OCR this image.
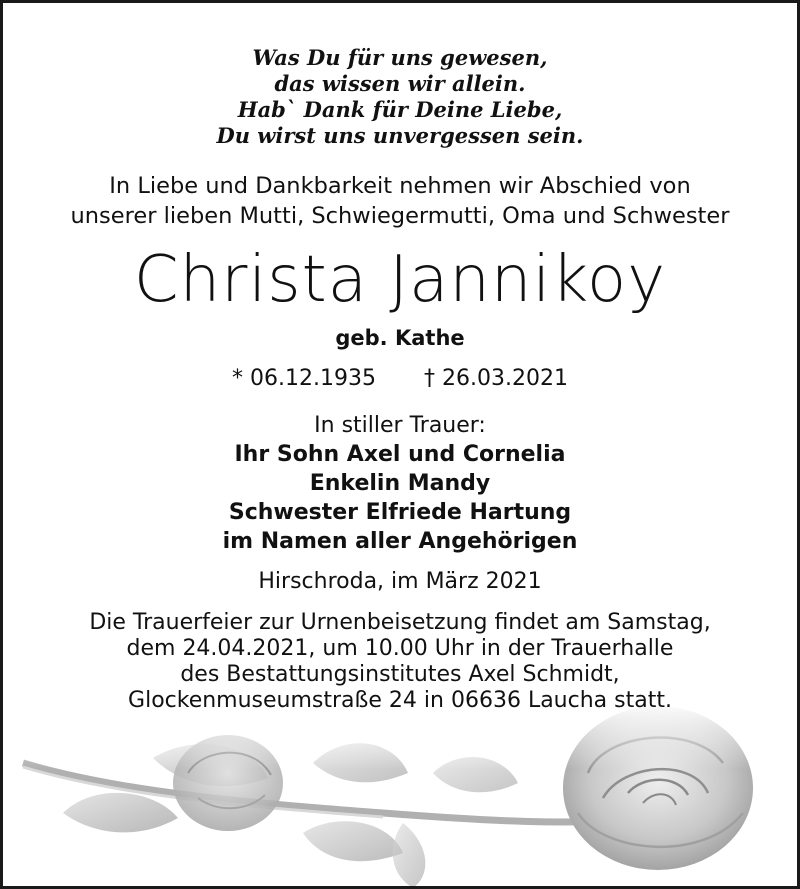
Was Du für uns gewesen,
das wissen wir allein.
Hab` Dank für Deine Liebe,
Du wirst uns unvergessen sein.
In Liebe und Dankbarkeit nehmen wir Abschied von
unserer lieben Mutti, Schwiegermutti, Oma und Schwester
Christa Jannikoy
geb. Kathe
* 06.12.1935 † 26.03.2021
In stiller Trauer:
Ihr Sohn Axel und Cornelia
Enkelin Mandy
Schwester Elfriede Hartung
im Namen aller Angehörigen
Hirschroda, im März 2021
Die Trauerfeier zur Urnenbeisetzung findet am Samstag,
dem 24.04.2021, um 10.00 Uhr in der Trauerhalle
des Bestattungsinstitutes Axel Schmidt,
Glockenmuseumstraße 24 in 06636 Laucha statt.
